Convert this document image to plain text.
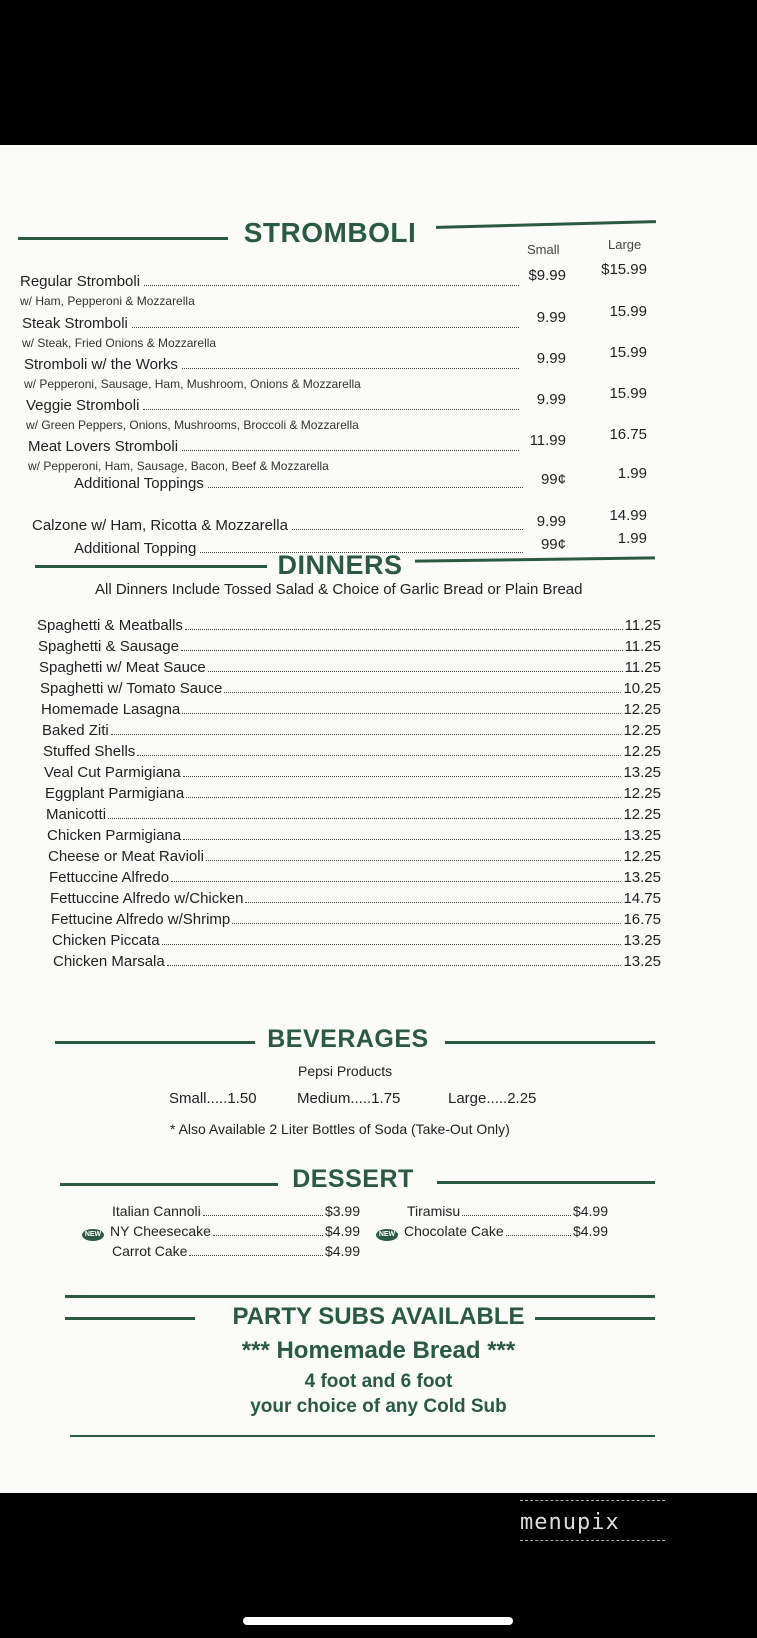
STROMBOLI
Small	Large
Regular Stromboli
w/ Ham, Pepperoni & Mozzarella
$9.99	$15.99
Steak Stromboli
w/ Steak, Fried Onions & Mozzarella
9.99	15.99
Stromboli w/ the Works
w/ Pepperoni, Sausage, Ham, Mushroom, Onions & Mozzarella
9.99	15.99
Veggie Stromboli
w/ Green Peppers, Onions, Mushrooms, Broccoli & Mozzarella
9.99	15.99
Meat Lovers Stromboli
w/ Pepperoni, Ham, Sausage, Bacon, Beef & Mozzarella
11.99	16.75
Additional Toppings	99¢	1.99
Calzone w/ Ham, Ricotta & Mozzarella	9.99	14.99
Additional Topping	99¢	1.99
DINNERS
All Dinners Include Tossed Salad & Choice of Garlic Bread or Plain Bread
Spaghetti & Meatballs	11.25
Spaghetti & Sausage	11.25
Spaghetti w/ Meat Sauce	11.25
Spaghetti w/ Tomato Sauce	10.25
Homemade Lasagna	12.25
Baked Ziti	12.25
Stuffed Shells	12.25
Veal Cut Parmigiana	13.25
Eggplant Parmigiana	12.25
Manicotti	12.25
Chicken Parmigiana	13.25
Cheese or Meat Ravioli	12.25
Fettuccine Alfredo	13.25
Fettuccine Alfredo w/Chicken	14.75
Fettucine Alfredo w/Shrimp	16.75
Chicken Piccata	13.25
Chicken Marsala	13.25
BEVERAGES
Pepsi Products
Small.....1.50	Medium.....1.75	Large.....2.25
* Also Available 2 Liter Bottles of Soda (Take-Out Only)
DESSERT
Italian Cannoli	$3.99
NEW NY Cheesecake	$4.99
Carrot Cake	$4.99
Tiramisu	$4.99
NEW Chocolate Cake	$4.99
PARTY SUBS AVAILABLE
*** Homemade Bread ***
4 foot and 6 foot
your choice of any Cold Sub
menupix
